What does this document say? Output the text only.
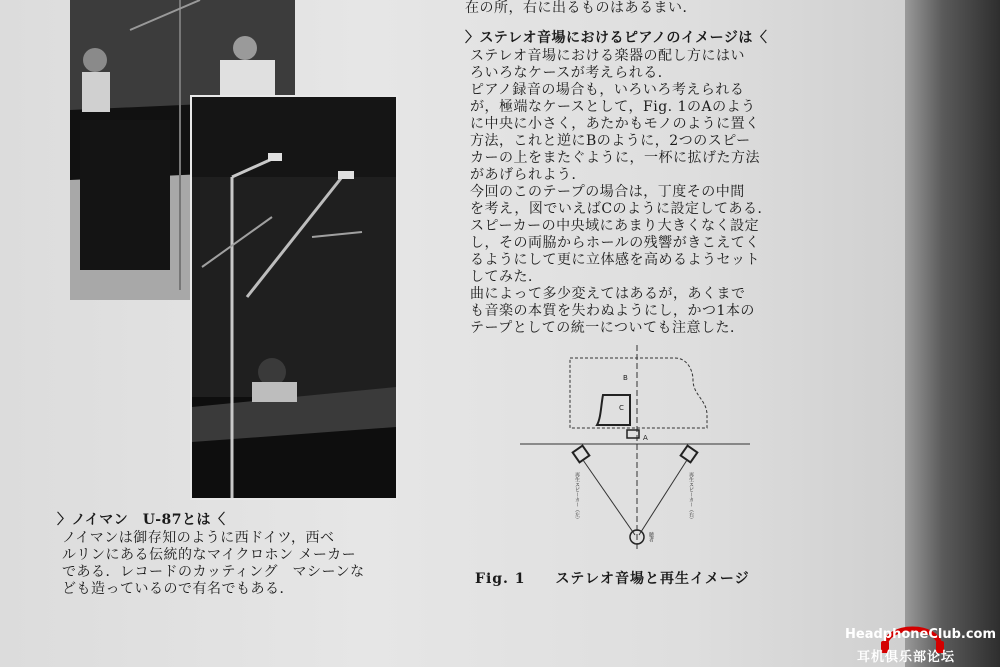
在の所，右に出るものはあるまい．
〉ステレオ音場におけるピアノのイメージは〈
ステレオ音場における楽器の配し方にはい
ろいろなケースが考えられる．
ピアノ録音の場合も，いろいろ考えられる
が，極端なケースとして，Fig. 1のAのよう
に中央に小さく，あたかもモノのように置く
方法，これと逆にBのように，2つのスピー
カーの上をまたぐように，一杯に拡げた方法
があげられよう．
今回のこのテープの場合は，丁度その中間
を考え，図でいえばCのように設定してある．
スピーカーの中央域にあまり大きくなく設定
し，その両脇からホールの残響がきこえてく
るようにして更に立体感を高めるようセット
してみた．
曲によって多少変えてはあるが，あくまで
も音楽の本質を失わぬようにし，かつ1本の
テープとしての統一についても注意した．
〉ノイマン　U-87とは〈
ノイマンは御存知のように西ドイツ，西ベ
ルリンにある伝統的なマイクロホン メーカー
である．レコードのカッティング　マシーンな
ども造っているので有名でもある．
B
C
A
聴者
再生スピーカー（左）	再生スピーカー（右）
Fig. 1 ステレオ音場と再生イメージ
HeadphoneClub.com
耳机俱乐部论坛
